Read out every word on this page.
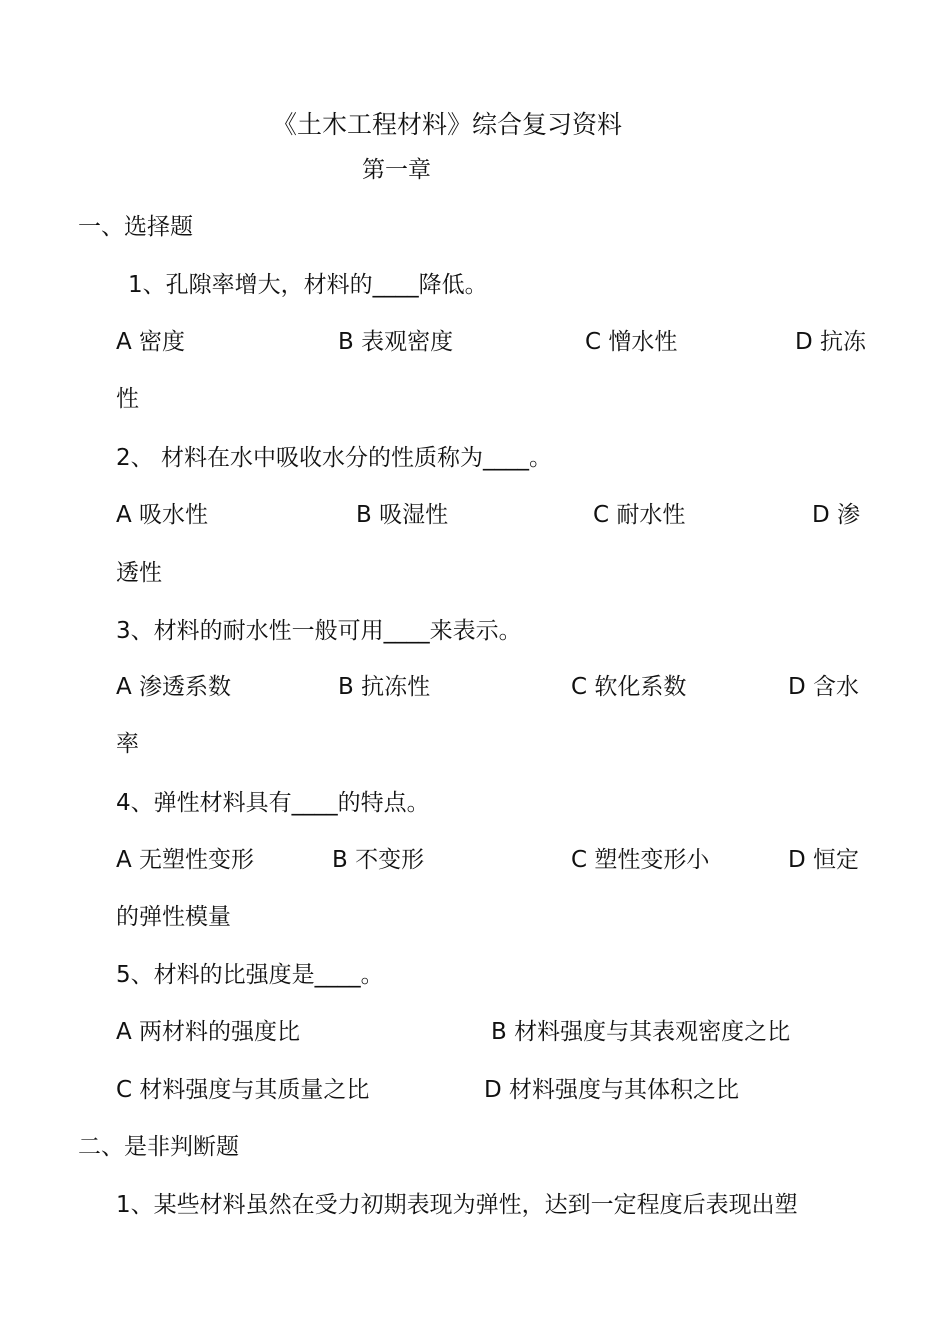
《土木工程材料》综合复习资料
第一章
一、选择题
1、孔隙率增大，材料的____降低。
A 密度	B 表观密度	C 憎水性	D 抗冻
性
2、 材料在水中吸收水分的性质称为____。
A 吸水性	B 吸湿性	C 耐水性	D 渗
透性
3、材料的耐水性一般可用____来表示。
A 渗透系数	B 抗冻性	C 软化系数	D 含水
率
4、弹性材料具有____的特点。
A 无塑性变形	B 不变形	C 塑性变形小	D 恒定
的弹性模量
5、材料的比强度是____。
A 两材料的强度比	B 材料强度与其表观密度之比
C 材料强度与其质量之比	D 材料强度与其体积之比
二、是非判断题
1、某些材料虽然在受力初期表现为弹性，达到一定程度后表现出塑
